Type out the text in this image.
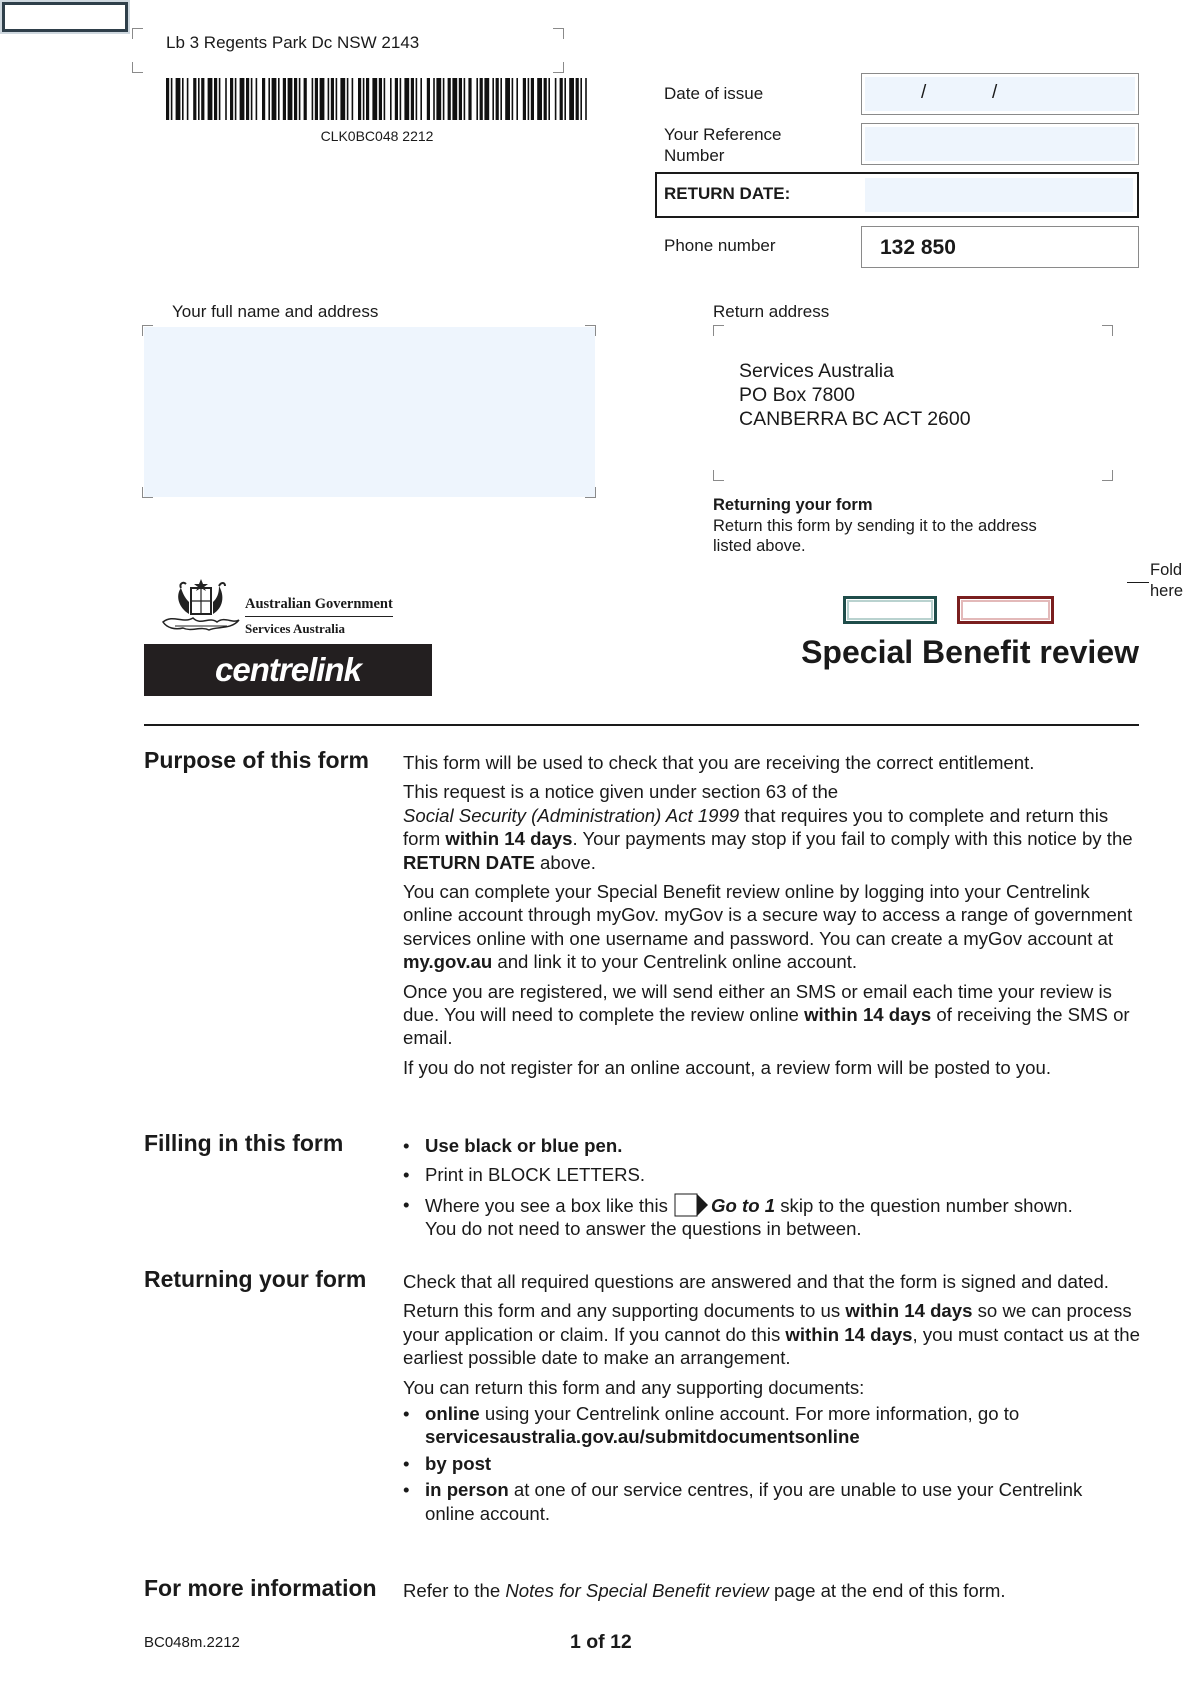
Lb 3 Regents Park Dc NSW 2143
CLK0BC048 2212
Date of issue	/	/
Your Reference
Number
RETURN DATE:
Phone number	132 850
Your full name and address	Return address
Services Australia
PO Box 7800
CANBERRA BC ACT 2600
Returning your form
Return this form by sending it to the address
listed above.
Fold
here
Australian Government
Services Australia
centrelink	Special Benefit review
Purpose of this form This form will be used to check that you are receiving the correct entitlement.

This request is a notice given under section 63 of the
Social Security (Administration) Act 1999 that requires you to complete and return this form within 14 days. Your payments may stop if you fail to comply with this notice by the RETURN DATE above.

You can complete your Special Benefit review online by logging into your Centrelink online account through myGov. myGov is a secure way to access a range of government services online with one username and password. You can create a myGov account at my.gov.au and link it to your Centrelink online account.

Once you are registered, we will send either an SMS or email each time your review is due. You will need to complete the review online within 14 days of receiving the SMS or email.

If you do not register for an online account, a review form will be posted to you.

Filling in this form	• Use black or blue pen.
• Print in BLOCK LETTERS.
• Where you see a box like this Go to 1 skip to the question number shown.
You do not need to answer the questions in between.
Returning your form Check that all required questions are answered and that the form is signed and dated.

Return this form and any supporting documents to us within 14 days so we can process your application or claim. If you cannot do this within 14 days, you must contact us at the earliest possible date to make an arrangement.

You can return this form and any supporting documents:

• online using your Centrelink online account. For more information, go to
servicesaustralia.gov.au/submitdocumentsonline
• by post
• in person at one of our service centres, if you are unable to use your Centrelink online account.
For more information Refer to the Notes for Special Benefit review page at the end of this form.
BC048m.2212	1 of 12
